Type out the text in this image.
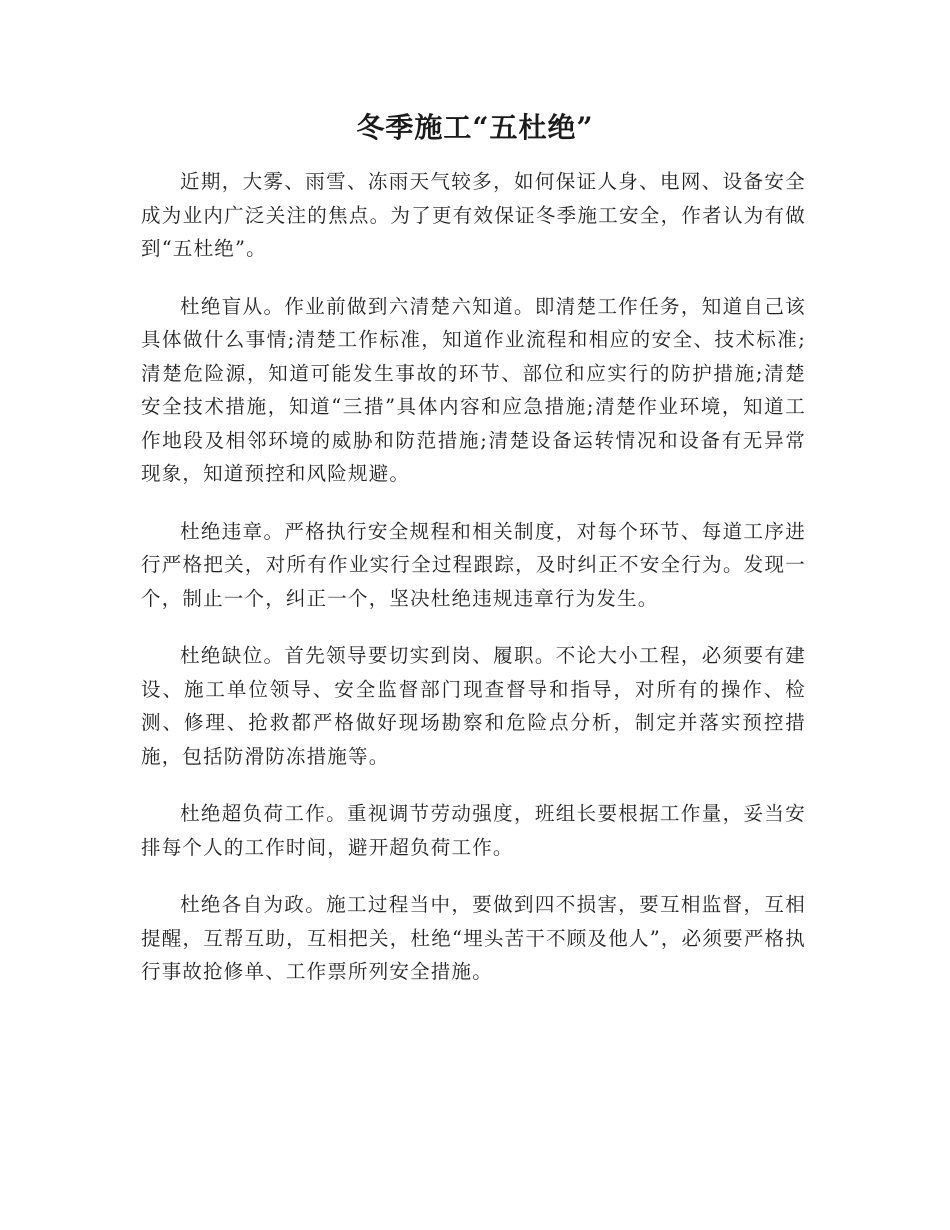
冬季施工“五杜绝”

近期，大雾、雨雪、冻雨天气较多，如何保证人身、电网、设备安全成为业内广泛关注的焦点。为了更有效保证冬季施工安全，作者认为有做到“五杜绝”。

杜绝盲从。作业前做到六清楚六知道。即清楚工作任务，知道自己该具体做什么事情;清楚工作标准，知道作业流程和相应的安全、技术标准;清楚危险源，知道可能发生事故的环节、部位和应实行的防护措施;清楚安全技术措施，知道“三措”具体内容和应急措施;清楚作业环境，知道工作地段及相邻环境的威胁和防范措施;清楚设备运转情况和设备有无异常现象，知道预控和风险规避。

杜绝违章。严格执行安全规程和相关制度，对每个环节、每道工序进行严格把关，对所有作业实行全过程跟踪，及时纠正不安全行为。发现一个，制止一个，纠正一个，坚决杜绝违规违章行为发生。

杜绝缺位。首先领导要切实到岗、履职。不论大小工程，必须要有建设、施工单位领导、安全监督部门现查督导和指导，对所有的操作、检测、修理、抢救都严格做好现场勘察和危险点分析，制定并落实预控措施，包括防滑防冻措施等。

杜绝超负荷工作。重视调节劳动强度，班组长要根据工作量，妥当安排每个人的工作时间，避开超负荷工作。

杜绝各自为政。施工过程当中，要做到四不损害，要互相监督，互相提醒，互帮互助，互相把关，杜绝“埋头苦干不顾及他人”，必须要严格执行事故抢修单、工作票所列安全措施。
